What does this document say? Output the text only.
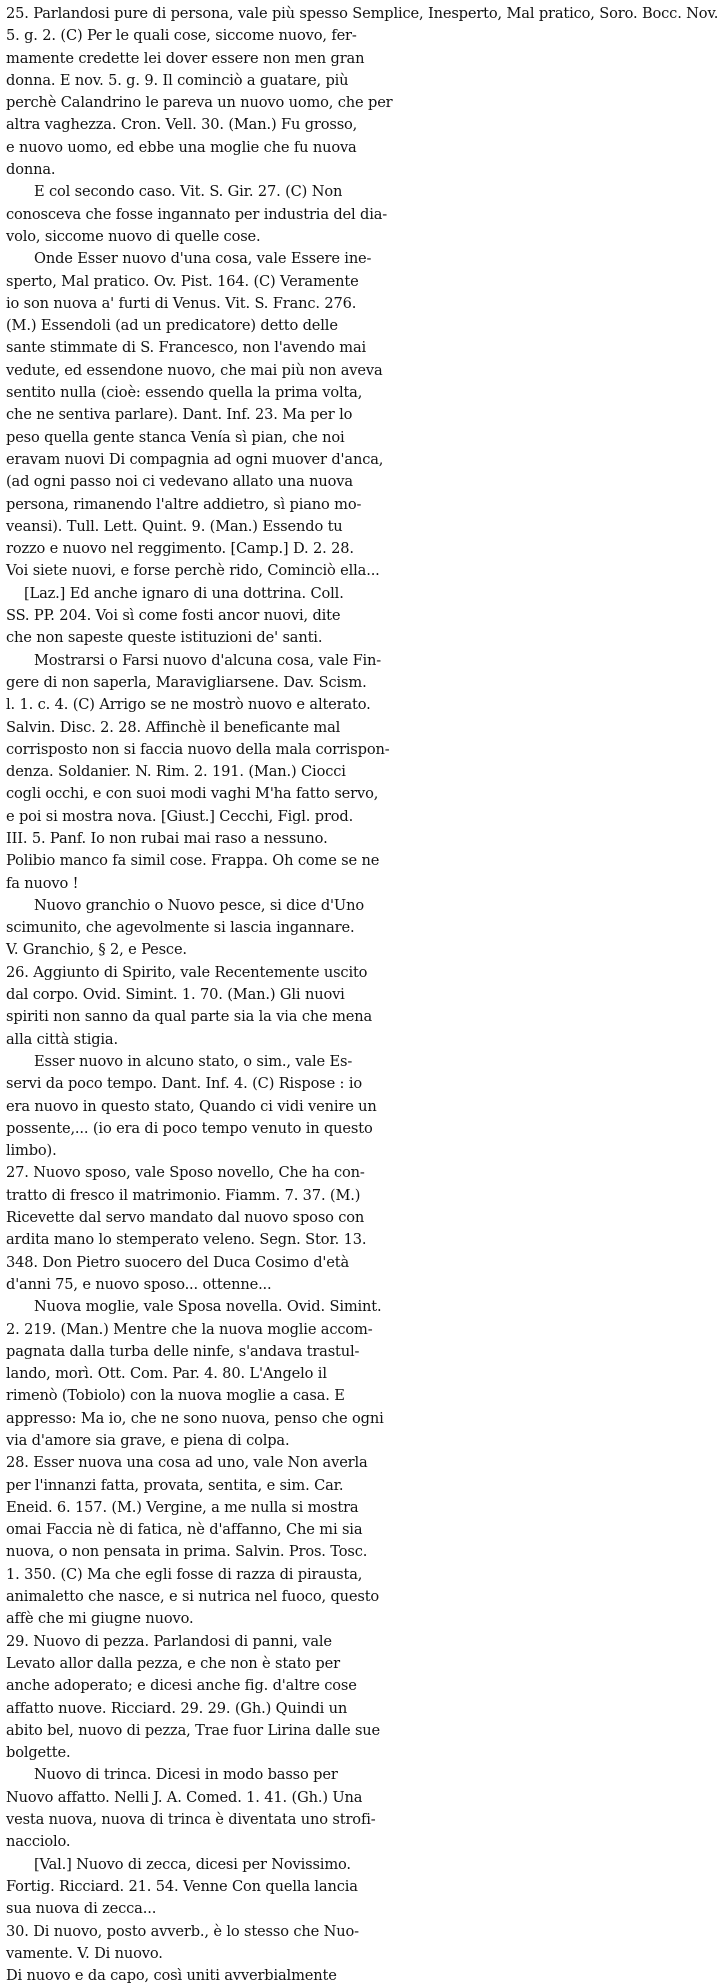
25. Parlandosi pure di persona, vale più spesso Semplice, Inesperto, Mal pratico, Soro. Bocc. Nov.
5. g. 2. (C) Per le quali cose, siccome nuovo, fer-
mamente credette lei dover essere non men gran
donna. E nov. 5. g. 9. Il cominciò a guatare, più
perchè Calandrino le pareva un nuovo uomo, che per
altra vaghezza. Cron. Vell. 30. (Man.) Fu grosso,
e nuovo uomo, ed ebbe una moglie che fu nuova
donna.
E col secondo caso. Vit. S. Gir. 27. (C) Non
conosceva che fosse ingannato per industria del dia-
volo, siccome nuovo di quelle cose.
Onde Esser nuovo d'una cosa, vale Essere ine-
sperto, Mal pratico. Ov. Pist. 164. (C) Veramente
io son nuova a' furti di Venus. Vit. S. Franc. 276.
(M.) Essendoli (ad un predicatore) detto delle
sante stimmate di S. Francesco, non l'avendo mai
vedute, ed essendone nuovo, che mai più non aveva
sentito nulla (cioè: essendo quella la prima volta,
che ne sentiva parlare). Dant. Inf. 23. Ma per lo
peso quella gente stanca Venía sì pian, che noi
eravam nuovi Di compagnia ad ogni muover d'anca,
(ad ogni passo noi ci vedevano allato una nuova
persona, rimanendo l'altre addietro, sì piano mo-
veansi). Tull. Lett. Quint. 9. (Man.) Essendo tu
rozzo e nuovo nel reggimento. [Camp.] D. 2. 28.
Voi siete nuovi, e forse perchè rido, Cominciò ella...
[Laz.] Ed anche ignaro di una dottrina. Coll.
SS. PP. 204. Voi sì come fosti ancor nuovi, dite
che non sapeste queste istituzioni de' santi.
Mostrarsi o Farsi nuovo d'alcuna cosa, vale Fin-
gere di non saperla, Maravigliarsene. Dav. Scism.
l. 1. c. 4. (C) Arrigo se ne mostrò nuovo e alterato.
Salvin. Disc. 2. 28. Affinchè il beneficante mal
corrisposto non si faccia nuovo della mala corrispon-
denza. Soldanier. N. Rim. 2. 191. (Man.) Ciocci
cogli occhi, e con suoi modi vaghi M'ha fatto servo,
e poi si mostra nova. [Giust.] Cecchi, Figl. prod.
III. 5. Panf. Io non rubai mai raso a nessuno.
Polibio manco fa simil cose. Frappa. Oh come se ne
fa nuovo !
Nuovo granchio o Nuovo pesce, si dice d'Uno
scimunito, che agevolmente si lascia ingannare.
V. Granchio, § 2, e Pesce.
26. Aggiunto di Spirito, vale Recentemente uscito
dal corpo. Ovid. Simint. 1. 70. (Man.) Gli nuovi
spiriti non sanno da qual parte sia la via che mena
alla città stigia.
Esser nuovo in alcuno stato, o sim., vale Es-
servi da poco tempo. Dant. Inf. 4. (C) Rispose : io
era nuovo in questo stato, Quando ci vidi venire un
possente,... (io era di poco tempo venuto in questo
limbo).
27. Nuovo sposo, vale Sposo novello, Che ha con-
tratto di fresco il matrimonio. Fiamm. 7. 37. (M.)
Ricevette dal servo mandato dal nuovo sposo con
ardita mano lo stemperato veleno. Segn. Stor. 13.
348. Don Pietro suocero del Duca Cosimo d'età
d'anni 75, e nuovo sposo... ottenne...
Nuova moglie, vale Sposa novella. Ovid. Simint.
2. 219. (Man.) Mentre che la nuova moglie accom-
pagnata dalla turba delle ninfe, s'andava trastul-
lando, morì. Ott. Com. Par. 4. 80. L'Angelo il
rimenò (Tobiolo) con la nuova moglie a casa. E
appresso: Ma io, che ne sono nuova, penso che ogni
via d'amore sia grave, e piena di colpa.
28. Esser nuova una cosa ad uno, vale Non averla
per l'innanzi fatta, provata, sentita, e sim. Car.
Eneid. 6. 157. (M.) Vergine, a me nulla si mostra
omai Faccia nè di fatica, nè d'affanno, Che mi sia
nuova, o non pensata in prima. Salvin. Pros. Tosc.
1. 350. (C) Ma che egli fosse di razza di pirausta,
animaletto che nasce, e si nutrica nel fuoco, questo
affè che mi giugne nuovo.
29. Nuovo di pezza. Parlandosi di panni, vale
Levato allor dalla pezza, e che non è stato per
anche adoperato; e dicesi anche fig. d'altre cose
affatto nuove. Ricciard. 29. 29. (Gh.) Quindi un
abito bel, nuovo di pezza, Trae fuor Lirina dalle sue
bolgette.
Nuovo di trinca. Dicesi in modo basso per
Nuovo affatto. Nelli J. A. Comed. 1. 41. (Gh.) Una
vesta nuova, nuova di trinca è diventata uno strofi-
nacciolo.
[Val.] Nuovo di zecca, dicesi per Novissimo.
Fortig. Ricciard. 21. 54. Venne Con quella lancia
sua nuova di zecca...
30. Di nuovo, posto avverb., è lo stesso che Nuo-
vamente. V. Di nuovo.
Di nuovo e da capo, così uniti avverbialmente
